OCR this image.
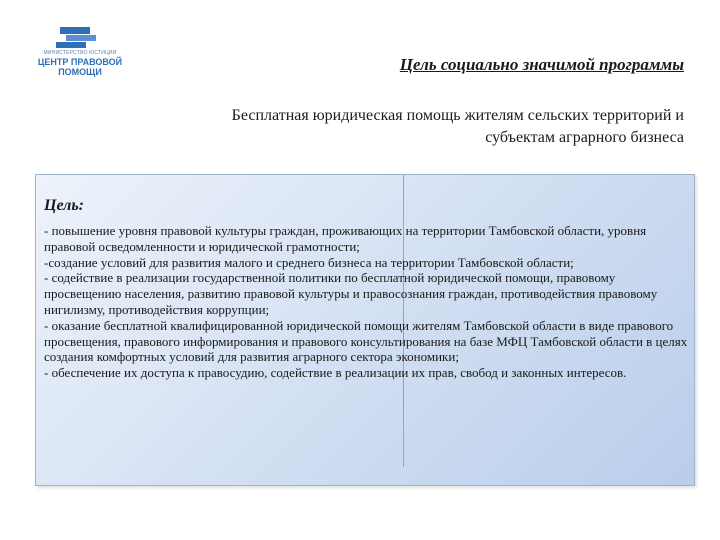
МИНИСТЕРСТВО ЮСТИЦИИ
ЦЕНТР ПРАВОВОЙ
ПОМОЩИ	Цель социально значимой программы
Бесплатная юридическая помощь жителям сельских территорий и субъектам аграрного бизнеса
Цель:

- повышение уровня правовой культуры граждан, проживающих на территории Тамбовской области, уровня правовой осведомленности и юридической грамотности;

-создание условий для развития малого и среднего бизнеса на территории Тамбовской области;

- содействие в реализации государственной политики по бесплатной юридической помощи, правовому просвещению населения, развитию правовой культуры и правосознания граждан, противодействия правовому нигилизму, противодействия коррупции;

- оказание бесплатной квалифицированной юридической помощи жителям Тамбовской области в виде правового просвещения, правового информирования и правового консультирования на базе МФЦ Тамбовской области в целях создания комфортных условий для развития аграрного сектора экономики;

- обеспечение их доступа к правосудию, содействие в реализации их прав, свобод и законных интересов.
